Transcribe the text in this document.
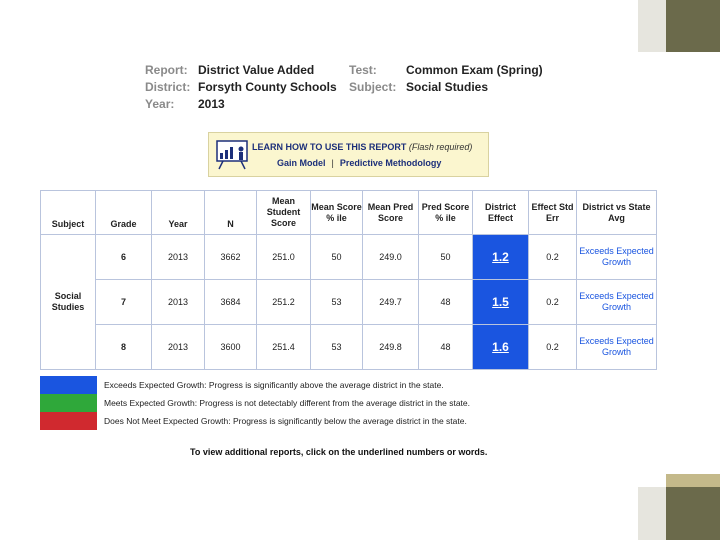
Report: District Value Added
District: Forsyth County Schools
Year: 2013
Test: Common Exam (Spring)
Subject: Social Studies
LEARN HOW TO USE THIS REPORT (Flash required)
Gain Model | Predictive Methodology
Subject	Grade	Year	N	Mean Student Score	Mean Score % ile	Mean Pred Score	Pred Score % ile	District Effect	Effect Std Err	District vs State Avg
Social Studies	6	2013	3662	251.0	50	249.0	50	1.2	0.2	Exceeds Expected Growth
	7	2013	3684	251.2	53	249.7	48	1.5	0.2	Exceeds Expected Growth
	8	2013	3600	251.4	53	249.8	48	1.6	0.2	Exceeds Expected Growth
Exceeds Expected Growth: Progress is significantly above the average district in the state.
Meets Expected Growth: Progress is not detectably different from the average district in the state.
Does Not Meet Expected Growth: Progress is significantly below the average district in the state.
To view additional reports, click on the underlined numbers or words.
